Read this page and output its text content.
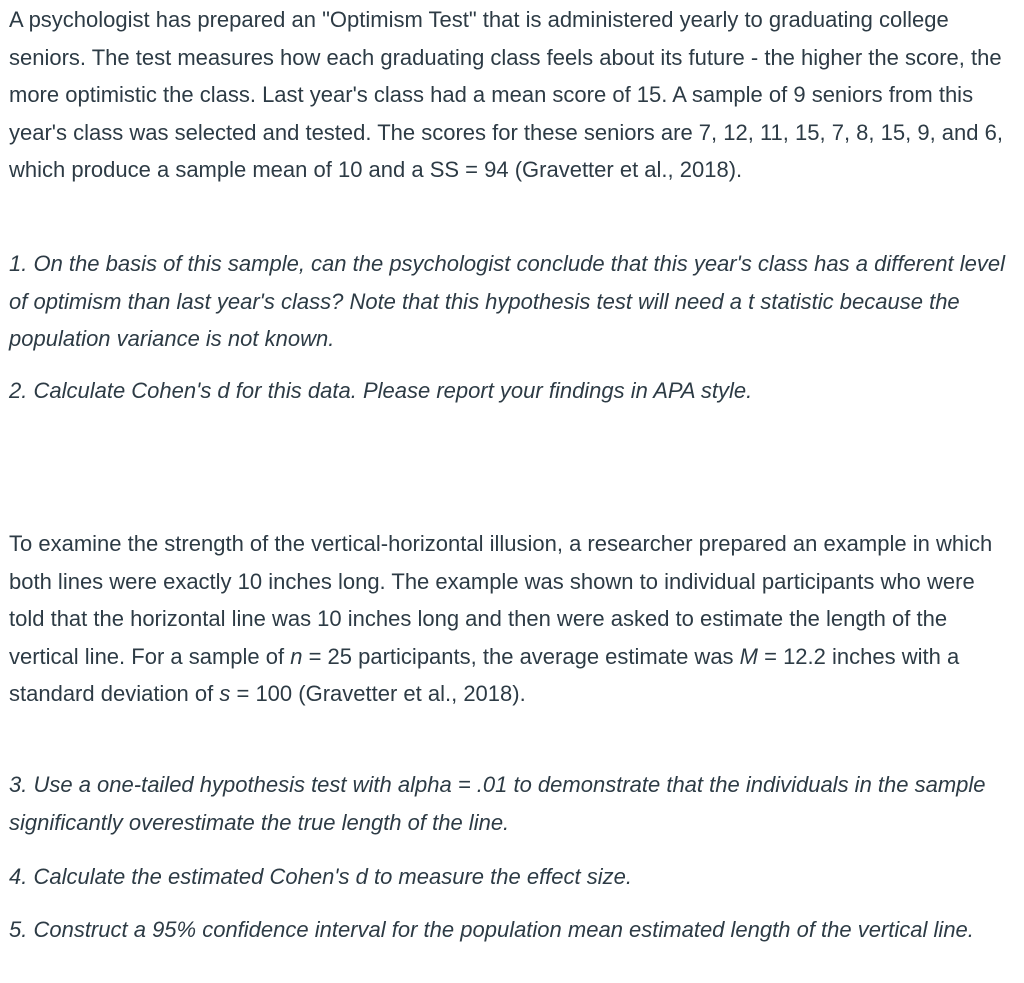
A psychologist has prepared an "Optimism Test" that is administered yearly to graduating college seniors. The test measures how each graduating class feels about its future - the higher the score, the more optimistic the class. Last year's class had a mean score of 15. A sample of 9 seniors from this year's class was selected and tested. The scores for these seniors are 7, 12, 11, 15, 7, 8, 15, 9, and 6, which produce a sample mean of 10 and a SS = 94 (Gravetter et al., 2018).

1. On the basis of this sample, can the psychologist conclude that this year's class has a different level of optimism than last year's class? Note that this hypothesis test will need a t statistic because the population variance is not known.

2. Calculate Cohen's d for this data. Please report your findings in APA style.

To examine the strength of the vertical-horizontal illusion, a researcher prepared an example in which both lines were exactly 10 inches long. The example was shown to individual participants who were told that the horizontal line was 10 inches long and then were asked to estimate the length of the vertical line. For a sample of n = 25 participants, the average estimate was M = 12.2 inches with a standard deviation of s = 100 (Gravetter et al., 2018).

3. Use a one-tailed hypothesis test with alpha = .01 to demonstrate that the individuals in the sample significantly overestimate the true length of the line.

4. Calculate the estimated Cohen's d to measure the effect size.

5. Construct a 95% confidence interval for the population mean estimated length of the vertical line.
